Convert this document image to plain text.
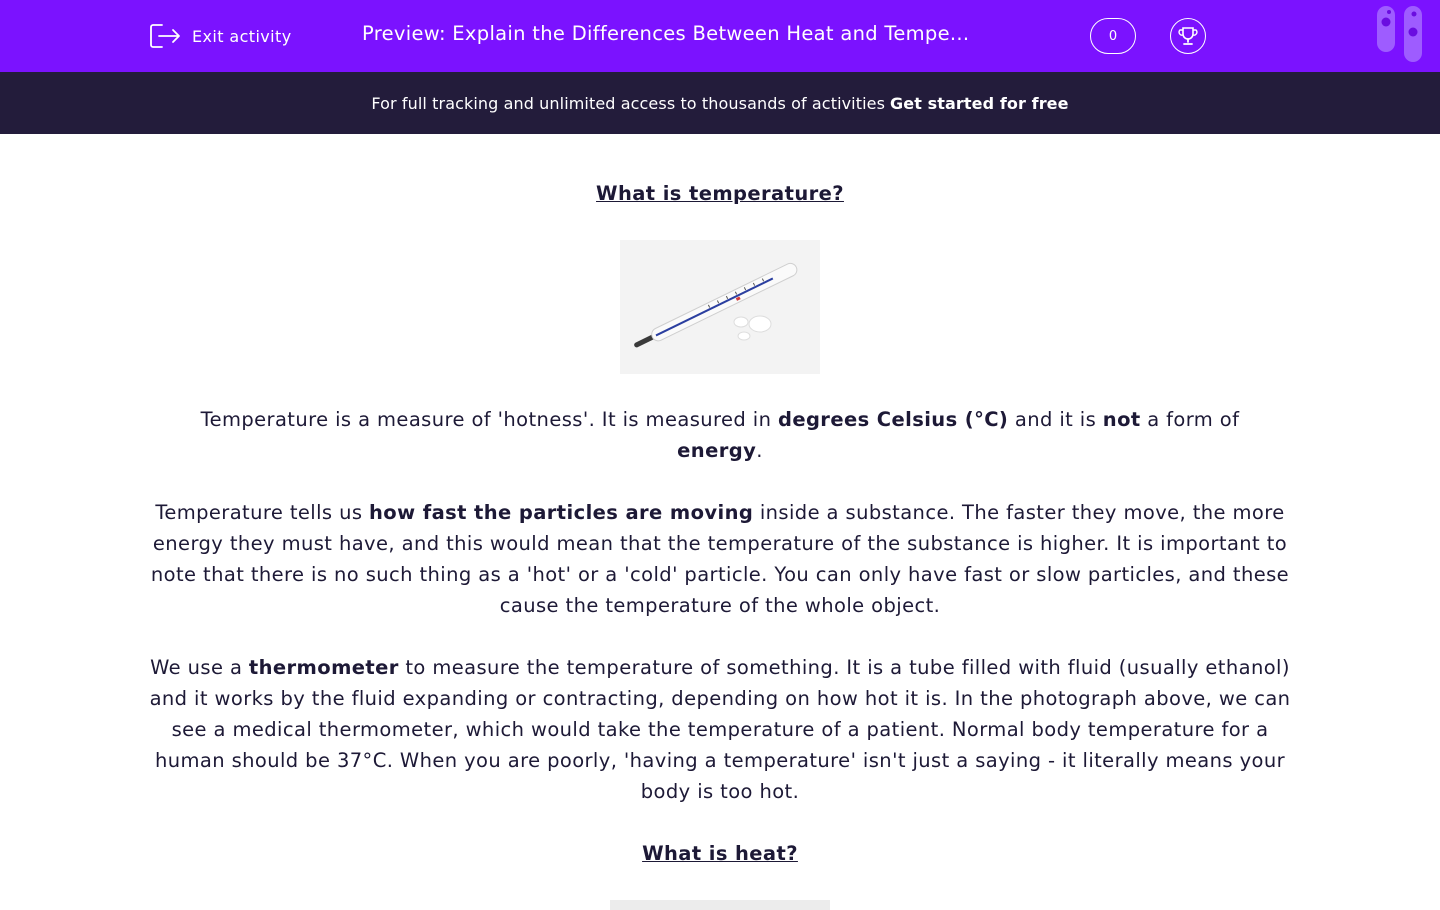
Exit activity	Preview: Explain the Differences Between Heat and Tempe...	0
For full tracking and unlimited access to thousands of activities Get started for free
What is temperature?

Temperature is a measure of 'hotness'. It is measured in degrees Celsius (°C) and it is not a form of energy.

Temperature tells us how fast the particles are moving inside a substance. The faster they move, the more energy they must have, and this would mean that the temperature of the substance is higher. It is important to note that there is no such thing as a 'hot' or a 'cold' particle. You can only have fast or slow particles, and these cause the temperature of the whole object.

We use a thermometer to measure the temperature of something. It is a tube filled with fluid (usually ethanol) and it works by the fluid expanding or contracting, depending on how hot it is. In the photograph above, we can see a medical thermometer, which would take the temperature of a patient. Normal body temperature for a human should be 37°C. When you are poorly, 'having a temperature' isn't just a saying - it literally means your body is too hot.

What is heat?
